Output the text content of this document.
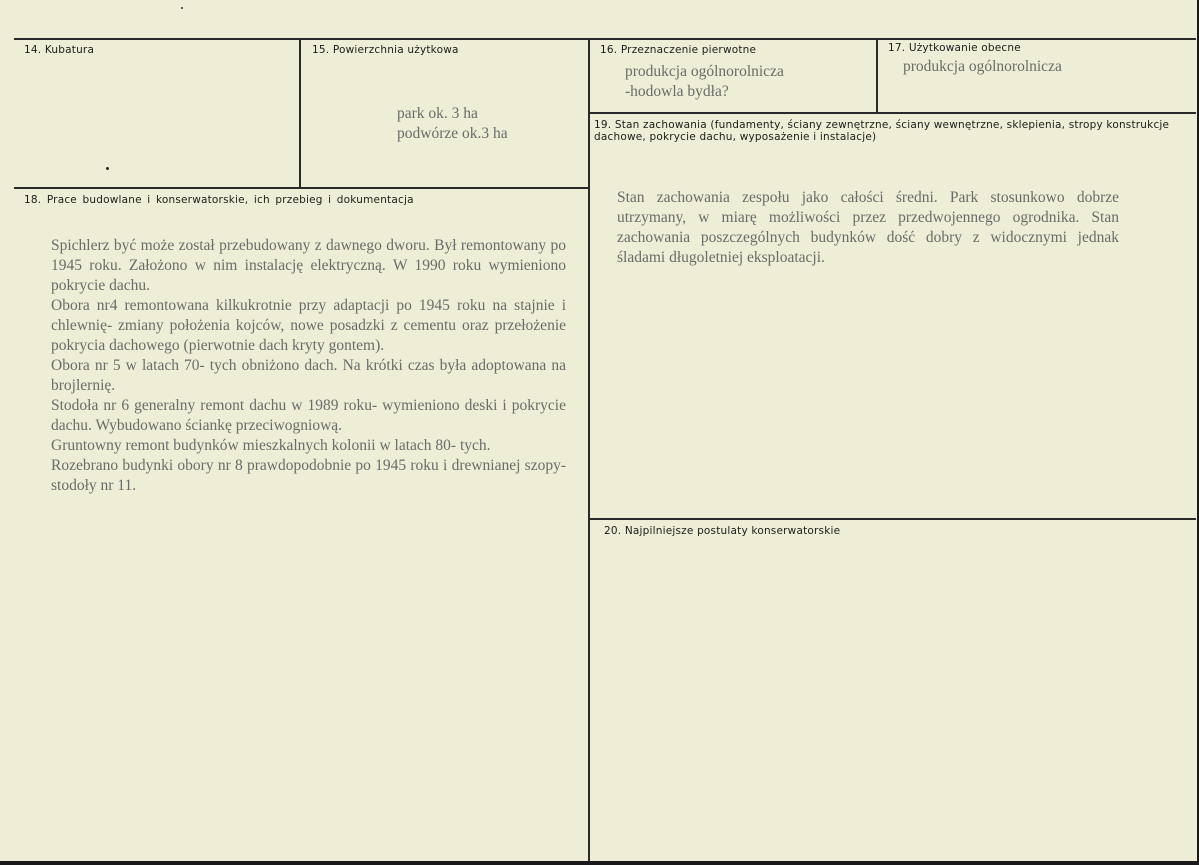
14. Kubatura	15. Powierzchnia użytkowa

park ok. 3 ha

podwórze ok.3 ha

16. Przeznaczenie pierwotne

produkcja ogólnorolnicza

-hodowla bydła?

17. Użytkowanie obecne
produkcja ogólnorolnicza
18. Prace budowlane i konserwatorskie, ich przebieg i dokumentacja

Spichlerz być może został przebudowany z dawnego dworu. Był remontowany po 1945 roku. Założono w nim instalację elektryczną. W 1990 roku wymieniono pokrycie dachu.

Obora nr4 remontowana kilkukrotnie przy adaptacji po 1945 roku na stajnie i chlewnię- zmiany położenia kojców, nowe posadzki z cementu oraz przełożenie pokrycia dachowego (pierwotnie dach kryty gontem).

Obora nr 5 w latach 70- tych obniżono dach. Na krótki czas była adoptowana na brojlernię.

Stodoła nr 6 generalny remont dachu w 1989 roku- wymieniono deski i pokrycie dachu. Wybudowano ściankę przeciwogniową.

Gruntowny remont budynków mieszkalnych kolonii w latach 80- tych.

Rozebrano budynki obory nr 8 prawdopodobnie po 1945 roku i drewnianej szopy- stodoły nr 11.

19. Stan zachowania (fundamenty, ściany zewnętrzne, ściany wewnętrzne, sklepienia, stropy konstrukcje dachowe, pokrycie dachu, wyposażenie i instalacje)
Stan zachowania zespołu jako całości średni. Park stosunkowo dobrze utrzymany, w miarę możliwości przez przedwojennego ogrodnika. Stan zachowania poszczególnych budynków dość dobry z widocznymi jednak śladami długoletniej eksploatacji.
20. Najpilniejsze postulaty konserwatorskie
